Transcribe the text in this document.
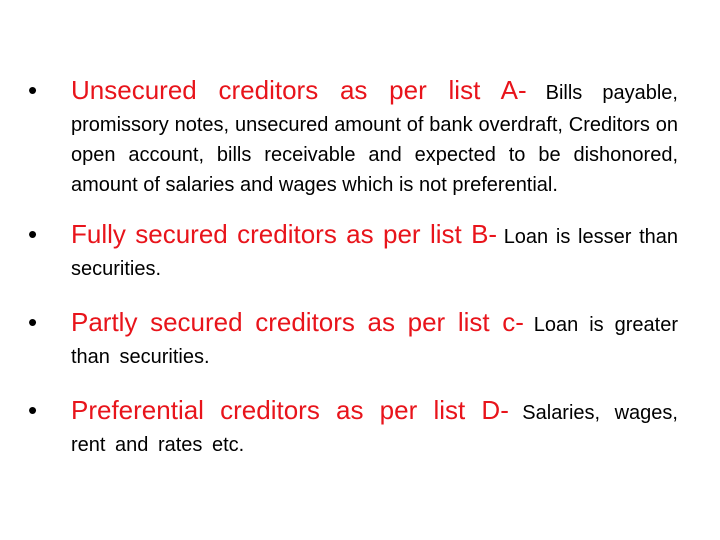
• Unsecured creditors as per list A- Bills payable, promissory notes, unsecured amount of bank overdraft, Creditors on open account, bills receivable and expected to be dishonored, amount of salaries and wages which is not preferential.
• Fully secured creditors as per list B- Loan is lesser than securities.
• Partly secured creditors as per list c- Loan is greater than securities.
• Preferential creditors as per list D- Salaries, wages, rent and rates etc.
